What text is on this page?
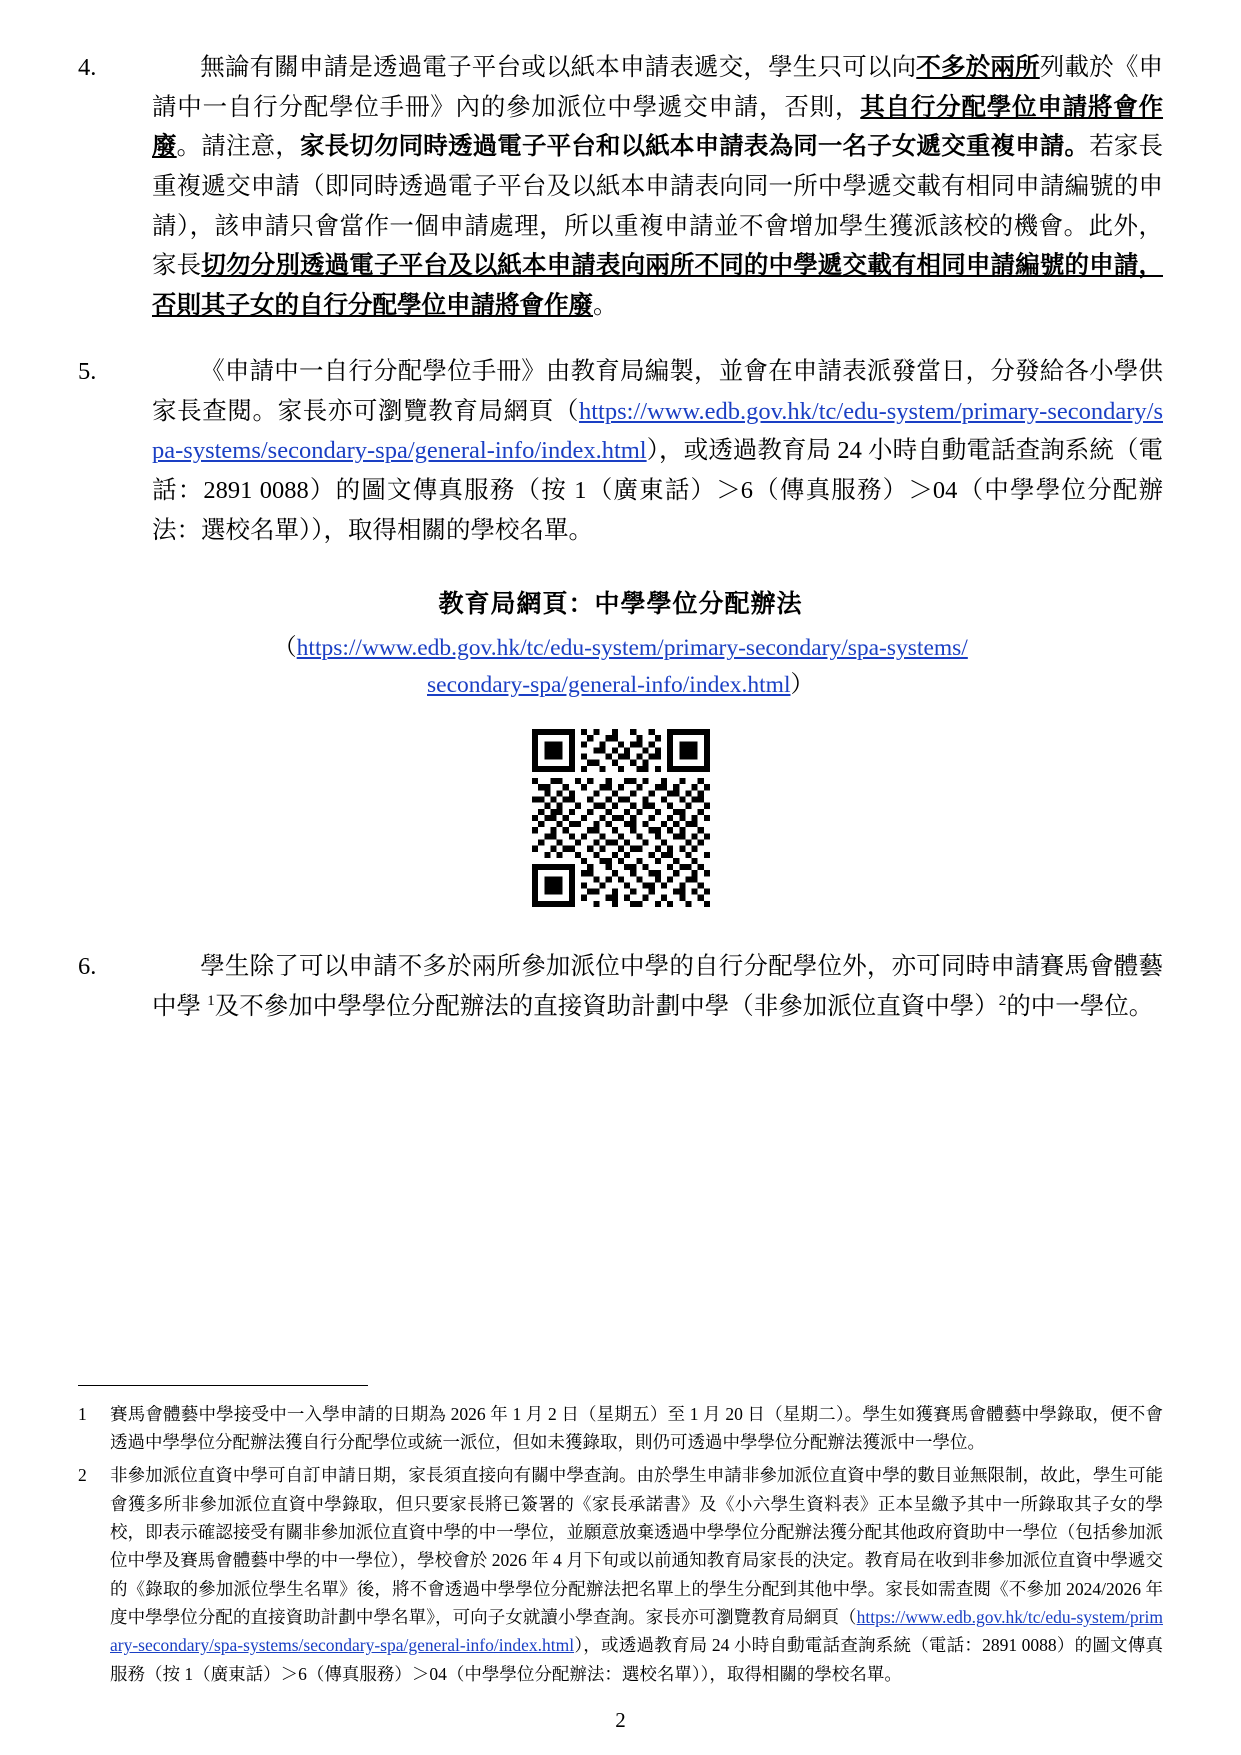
4.	無論有關申請是透過電子平台或以紙本申請表遞交，學生只可以向不多於兩所列載於《申請中一自行分配學位手冊》內的參加派位中學遞交申請，否則，其自行分配學位申請將會作廢。請注意，家長切勿同時透過電子平台和以紙本申請表為同一名子女遞交重複申請。若家長重複遞交申請（即同時透過電子平台及以紙本申請表向同一所中學遞交載有相同申請編號的申請），該申請只會當作一個申請處理，所以重複申請並不會增加學生獲派該校的機會。此外，家長切勿分別透過電子平台及以紙本申請表向兩所不同的中學遞交載有相同申請編號的申請，否則其子女的自行分配學位申請將會作廢。
5.	《申請中一自行分配學位手冊》由教育局編製，並會在申請表派發當日，分發給各小學供家長查閱。家長亦可瀏覽教育局網頁（https://www.edb.gov.hk/tc/edu-system/primary-secondary/spa-systems/secondary-spa/general-info/index.html），或透過教育局 24 小時自動電話查詢系統（電話：2891 0088）的圖文傳真服務（按 1（廣東話）＞6（傳真服務）＞04（中學學位分配辦法：選校名單）），取得相關的學校名單。
教育局網頁：中學學位分配辦法
（https://www.edb.gov.hk/tc/edu-system/primary-secondary/spa-systems/
secondary-spa/general-info/index.html）
6.	學生除了可以申請不多於兩所參加派位中學的自行分配學位外，亦可同時申請賽馬會體藝中學 $^1$及不參加中學學位分配辦法的直接資助計劃中學（非參加派位直資中學）$^2$的中一學位。
1	賽馬會體藝中學接受中一入學申請的日期為 2026 年 1 月 2 日（星期五）至 1 月 20 日（星期二）。學生如獲賽馬會體藝中學錄取，便不會透過中學學位分配辦法獲自行分配學位或統一派位，但如未獲錄取，則仍可透過中學學位分配辦法獲派中一學位。
2	非參加派位直資中學可自訂申請日期，家長須直接向有關中學查詢。由於學生申請非參加派位直資中學的數目並無限制，故此，學生可能會獲多所非參加派位直資中學錄取，但只要家長將已簽署的《家長承諾書》及《小六學生資料表》正本呈繳予其中一所錄取其子女的學校，即表示確認接受有關非參加派位直資中學的中一學位，並願意放棄透過中學學位分配辦法獲分配其他政府資助中一學位（包括參加派位中學及賽馬會體藝中學的中一學位），學校會於 2026 年 4 月下旬或以前通知教育局家長的決定。教育局在收到非參加派位直資中學遞交的《錄取的參加派位學生名單》後，將不會透過中學學位分配辦法把名單上的學生分配到其他中學。家長如需查閱《不參加 2024/2026 年度中學學位分配的直接資助計劃中學名單》，可向子女就讀小學查詢。家長亦可瀏覽教育局網頁（https://www.edb.gov.hk/tc/edu-system/primary-secondary/spa-systems/secondary-spa/general-info/index.html），或透過教育局 24 小時自動電話查詢系統（電話：2891 0088）的圖文傳真服務（按 1（廣東話）＞6（傳真服務）＞04（中學學位分配辦法：選校名單）），取得相關的學校名單。
2
